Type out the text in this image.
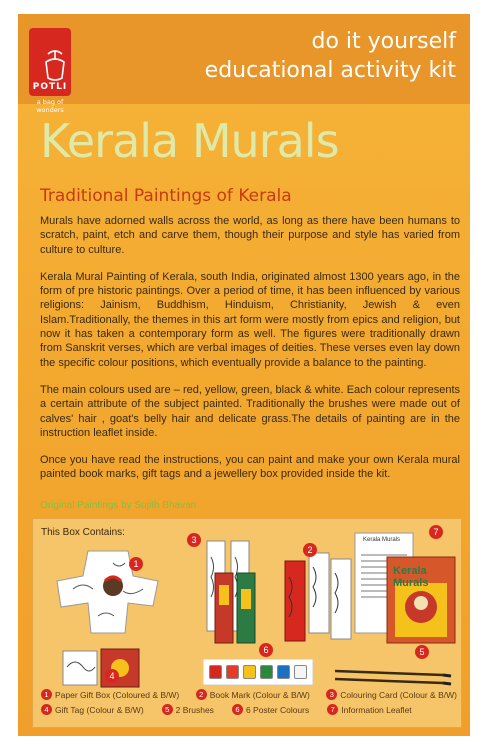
POTLI
a bag of wonders
do it yourself
educational activity kit
Kerala Murals
Traditional Paintings of Kerala

Murals have adorned walls across the world, as long as there have been humans to scratch, paint, etch and carve them, though their purpose and style has varied from culture to culture.

Kerala Mural Painting of Kerala, south India, originated almost 1300 years ago, in the form of pre historic paintings. Over a period of time, it has been influenced by various religions: Jainism, Buddhism, Hinduism, Christianity, Jewish & even Islam.Traditionally, the themes in this art form were mostly from epics and religion, but now it has taken a contemporary form as well. The figures were traditionally drawn from Sanskrit verses, which are verbal images of deities. These verses even lay down the specific colour positions, which eventually provide a balance to the painting.

The main colours used are – red, yellow, green, black & white. Each colour represents a certain attribute of the subject painted. Traditionally the brushes were made out of calves' hair , goat's belly hair and delicate grass.The details of painting are in the instruction leaflet inside.

Once you have read the instructions, you can paint and make your own Kerala mural painted book marks, gift tags and a jewellery box provided inside the kit.

Original Paintings by Sujith Bhavan
This Box Contains:
1
3
2
7
Kerala Murals
Kerala Murals
4
6	5
1 Paper Gift Box (Coloured & B/W)	2 Book Mark (Colour & B/W)	3 Colouring Card (Colour & B/W)
4 Gift Tag (Colour & B/W)	5 2 Brushes	6 6 Poster Colours	7 Information Leaflet
